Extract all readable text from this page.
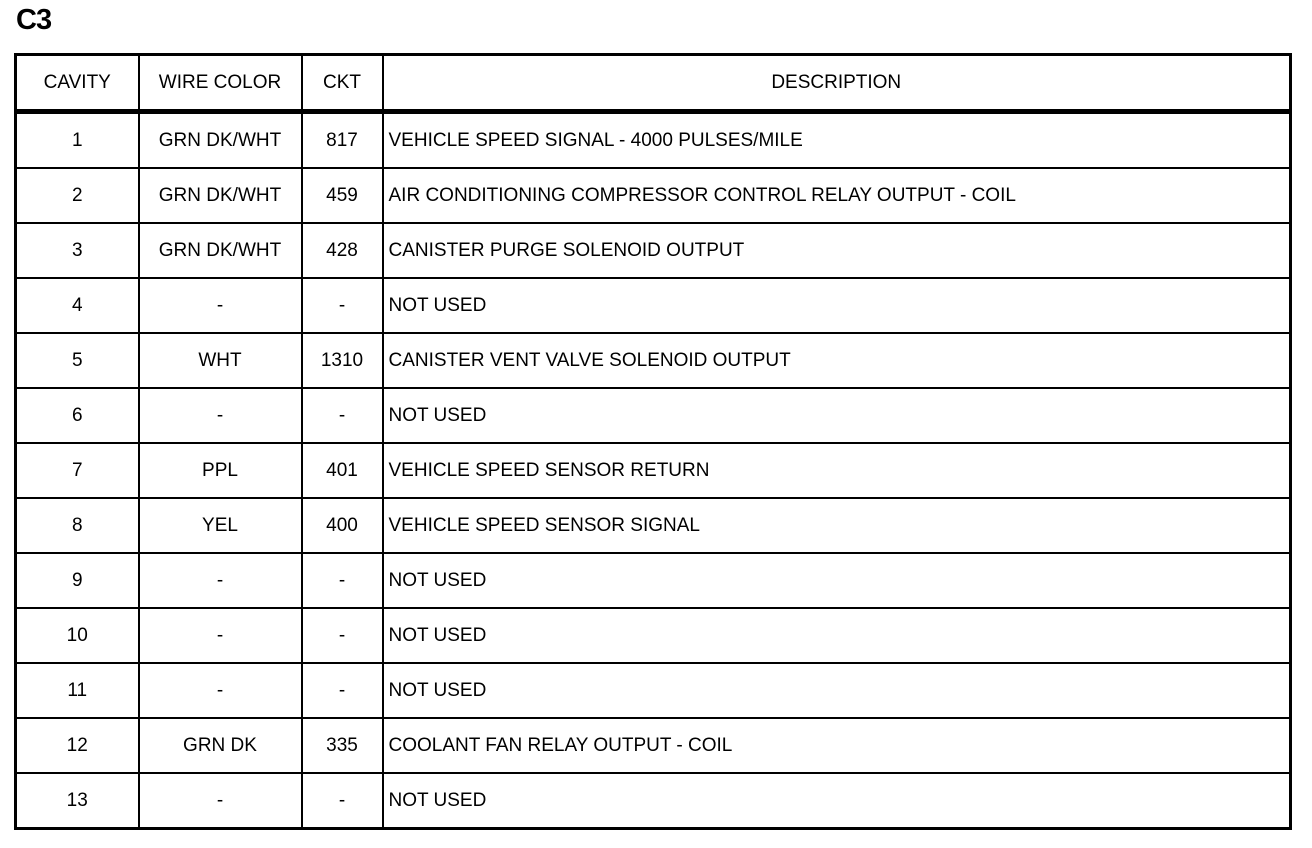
C3
CAVITY	WIRE COLOR	CKT	DESCRIPTION
1	GRN DK/WHT	817	VEHICLE SPEED SIGNAL - 4000 PULSES/MILE
2	GRN DK/WHT	459	AIR CONDITIONING COMPRESSOR CONTROL RELAY OUTPUT - COIL
3	GRN DK/WHT	428	CANISTER PURGE SOLENOID OUTPUT
4	-	-	NOT USED
5	WHT	1310	CANISTER VENT VALVE SOLENOID OUTPUT
6	-	-	NOT USED
7	PPL	401	VEHICLE SPEED SENSOR RETURN
8	YEL	400	VEHICLE SPEED SENSOR SIGNAL
9	-	-	NOT USED
10	-	-	NOT USED
11	-	-	NOT USED
12	GRN DK	335	COOLANT FAN RELAY OUTPUT - COIL
13	-	-	NOT USED
